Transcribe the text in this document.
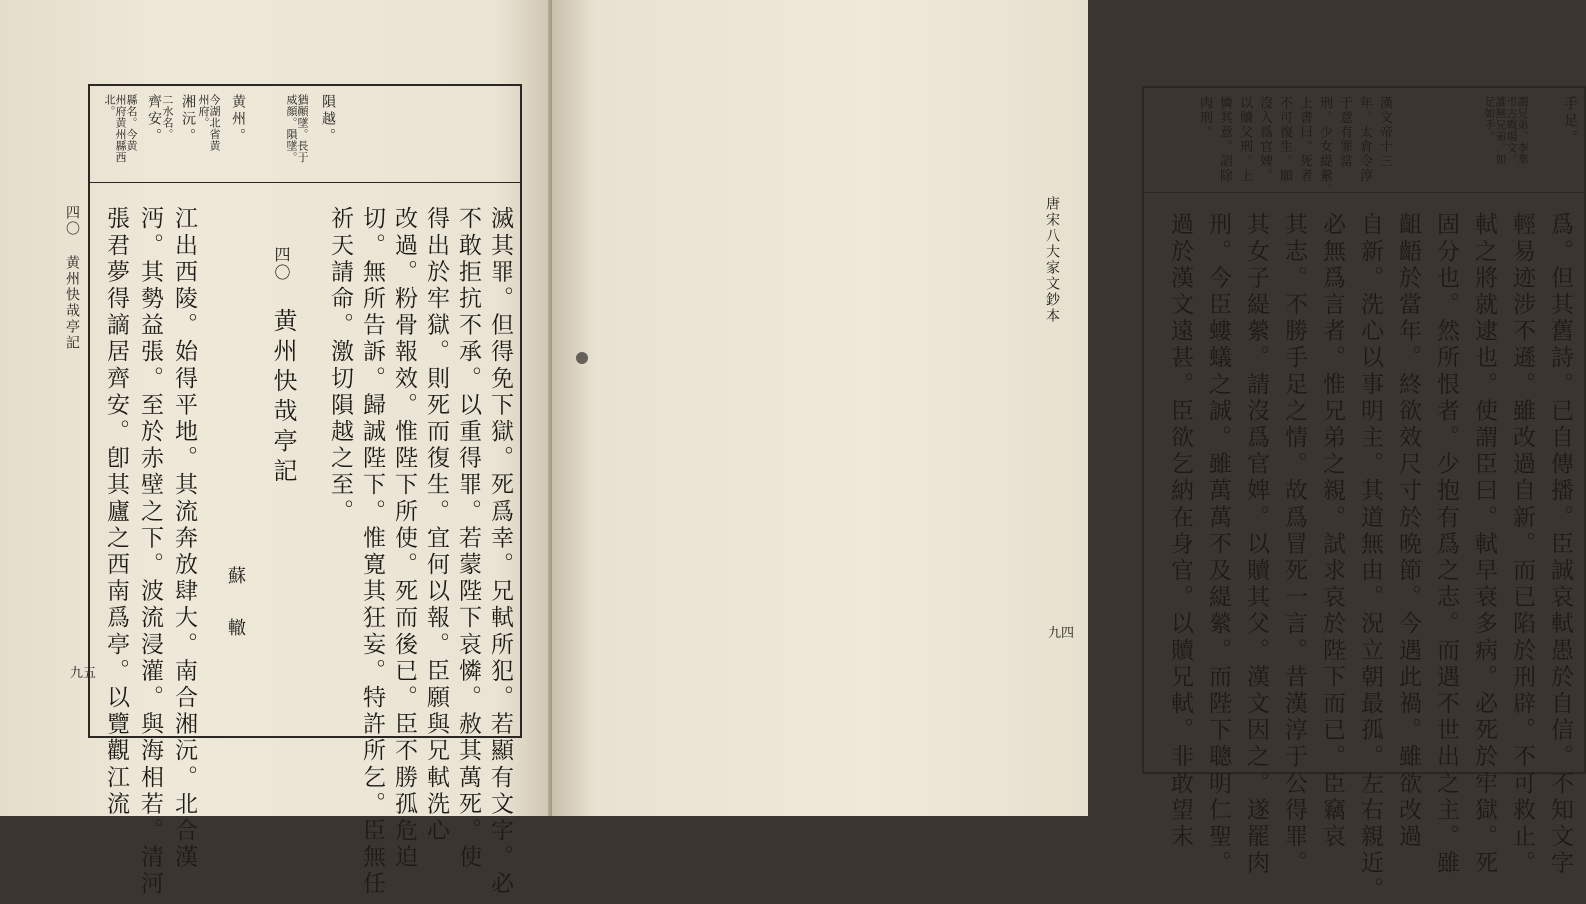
四〇 黄州快哉亭記
九五
隕越。
猶顚墜。長于
威顔。隕墜。
黄州。
今湖北省黄
州府。
湘沅。
二水名。
齊安。
縣名。今黄
州府黄州縣西
北。
滅其罪。但得免下獄。死爲幸。兄軾所犯。若顯有文字。必
不敢拒抗不承。以重得罪。若蒙陛下哀憐。赦其萬死。使
得出於牢獄。則死而復生。宜何以報。臣願與兄軾洗心
改過。粉骨報效。惟陛下所使。死而後已。臣不勝孤危迫
切。無所告訴。歸誠陛下。惟寛其狂妄。特許所乞。臣無任
祈天請命。激切隕越之至。
四〇
黄州快哉亭記
蘇　轍
江出西陵。始得平地。其流奔放肆大。南合湘沅。北合漢
沔。其勢益張。至於赤壁之下。波流浸灌。與海相若。清河
張君夢得謫居齊安。卽其廬之西南爲亭。以覽觀江流	唐宋八大家文鈔本
九四
手足。
謂兄弟。李華
弔古戰場文。
誰無兄弟。如
足如手。
漢文帝十三
年。太倉令淳
于意有罪當
刑。少女緹縈。
上書曰。死者
不可復生。願
沒入爲官婢。
以贖父刑。上
憐其意。詔除
肉刑。
爲。但其舊詩。已自傳播。臣誠哀軾愚於自信。不知文字
輕易迹涉不遜。雖改過自新。而已陷於刑辟。不可救止。
軾之將就逮也。使謂臣曰。軾早衰多病。必死於牢獄。死
固分也。然所恨者。少抱有爲之志。而遇不世出之主。雖
齟齬於當年。終欲效尺寸於晩節。今遇此禍。雖欲改過
自新。洗心以事明主。其道無由。況立朝最孤。左右親近。
必無爲言者。惟兄弟之親。試求哀於陛下而已。臣竊哀
其志。不勝手足之情。故爲冒死一言。昔漢淳于公得罪。
其女子緹縈。請沒爲官婢。以贖其父。漢文因之。遂罷肉
刑。今臣螻蟻之誠。雖萬萬不及緹縈。而陛下聰明仁聖。
過於漢文遠甚。臣欲乞納在身官。以贖兄軾。非敢望末
